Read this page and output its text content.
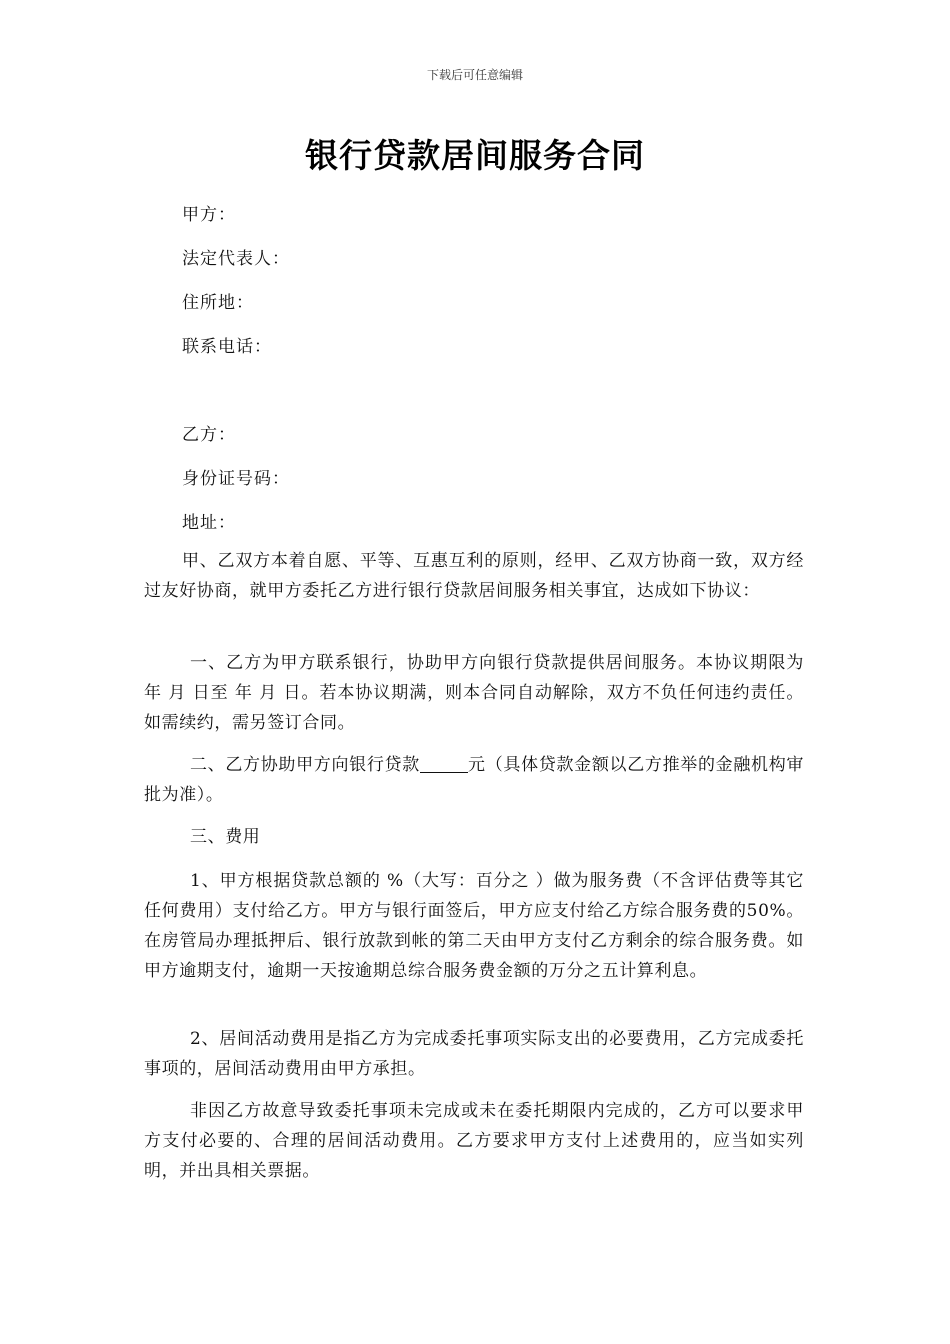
下载后可任意编辑
银行贷款居间服务合同
甲方：
法定代表人：
住所地：
联系电话：
乙方：
身份证号码：
地址：
甲、乙双方本着自愿、平等、互惠互利的原则，经甲、乙双方协商一致，双方经过友好协商，就甲方委托乙方进行银行贷款居间服务相关事宜，达成如下协议：
一、乙方为甲方联系银行，协助甲方向银行贷款提供居间服务。本协议期限为 年 月 日至 年 月 日。若本协议期满，则本合同自动解除，双方不负任何违约责任。如需续约，需另签订合同。
二、乙方协助甲方向银行贷款	元（具体贷款金额以乙方推举的金融机构审批为准）。
三、费用
1、甲方根据贷款总额的 %（大写：百分之 ）做为服务费（不含评估费等其它任何费用）支付给乙方。甲方与银行面签后，甲方应支付给乙方综合服务费的50%。在房管局办理抵押后、银行放款到帐的第二天由甲方支付乙方剩余的综合服务费。如甲方逾期支付，逾期一天按逾期总综合服务费金额的万分之五计算利息。
2、居间活动费用是指乙方为完成委托事项实际支出的必要费用，乙方完成委托事项的，居间活动费用由甲方承担。
非因乙方故意导致委托事项未完成或未在委托期限内完成的，乙方可以要求甲方支付必要的、合理的居间活动费用。乙方要求甲方支付上述费用的，应当如实列明，并出具相关票据。
